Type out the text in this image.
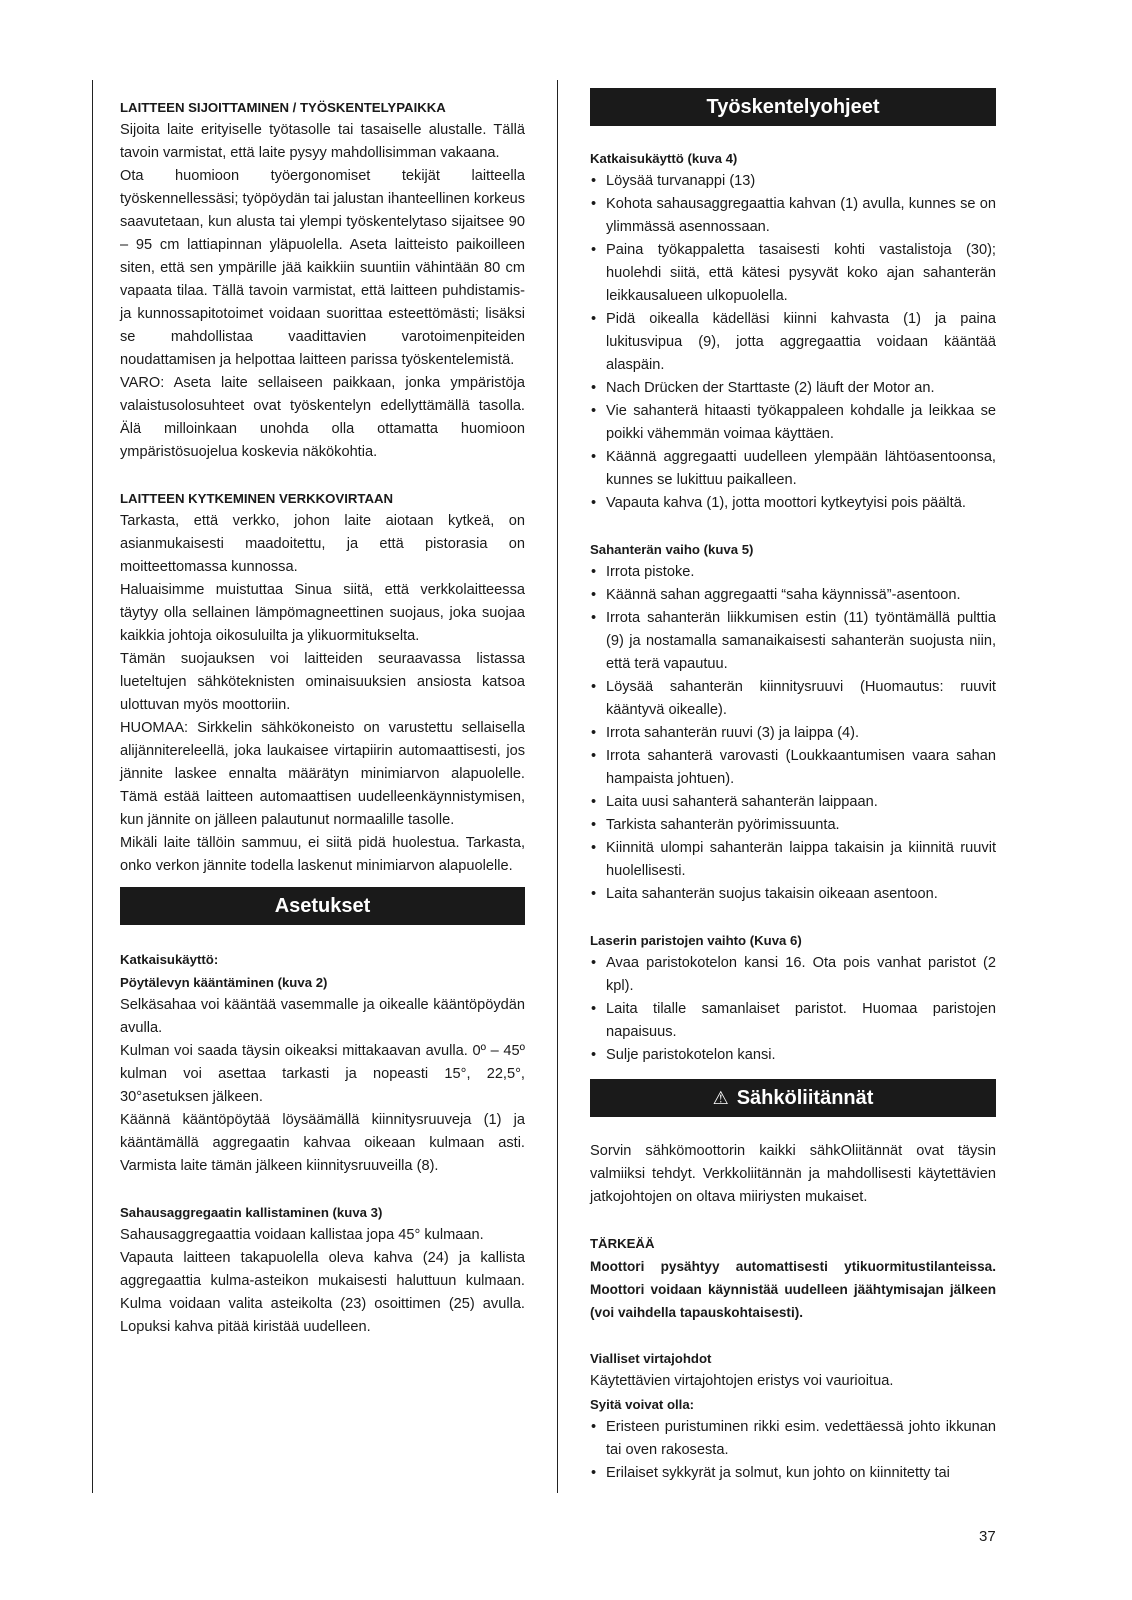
LAITTEEN SIJOITTAMINEN / TYÖSKENTELYPAIKKA

Sijoita laite erityiselle työtasolle tai tasaiselle alustalle. Tällä tavoin varmistat, että laite pysyy mahdollisimman vakaana.

Ota huomioon työergonomiset tekijät laitteella työskennellessäsi; työpöydän tai jalustan ihanteellinen korkeus saavutetaan, kun alusta tai ylempi työskentelytaso sijaitsee 90 – 95 cm lattiapinnan yläpuolella. Aseta laitteisto paikoilleen siten, että sen ympärille jää kaikkiin suuntiin vähintään 80 cm vapaata tilaa. Tällä tavoin varmistat, että laitteen puhdistamis- ja kunnossapitotoimet voidaan suorittaa esteettömästi; lisäksi se mahdollistaa vaadittavien varotoimenpiteiden noudattamisen ja helpottaa laitteen parissa työskentelemistä.

VARO: Aseta laite sellaiseen paikkaan, jonka ympäristöja valaistusolosuhteet ovat työskentelyn edellyttämällä tasolla. Älä milloinkaan unohda olla ottamatta huomioon ympäristösuojelua koskevia näkökohtia.

LAITTEEN KYTKEMINEN VERKKOVIRTAAN

Tarkasta, että verkko, johon laite aiotaan kytkeä, on asianmukaisesti maadoitettu, ja että pistorasia on moitteettomassa kunnossa.

Haluaisimme muistuttaa Sinua siitä, että verkkolaitteessa täytyy olla sellainen lämpömagneettinen suojaus, joka suojaa kaikkia johtoja oikosuluilta ja ylikuormitukselta.

Tämän suojauksen voi laitteiden seuraavassa listassa lueteltujen sähköteknisten ominaisuuksien ansiosta katsoa ulottuvan myös moottoriin.

HUOMAA: Sirkkelin sähkökoneisto on varustettu sellaisella alijännitereleellä, joka laukaisee virtapiirin automaattisesti, jos jännite laskee ennalta määrätyn minimiarvon alapuolelle. Tämä estää laitteen automaattisen uudelleenkäynnistymisen, kun jännite on jälleen palautunut normaalille tasolle.

Mikäli laite tällöin sammuu, ei siitä pidä huolestua. Tarkasta, onko verkon jännite todella laskenut minimiarvon alapuolelle.

Asetukset
Katkaisukäyttö:
Pöytälevyn kääntäminen (kuva 2)

Selkäsahaa voi kääntää vasemmalle ja oikealle kääntöpöydän avulla.

Kulman voi saada täysin oikeaksi mittakaavan avulla. 0º – 45º kulman voi asettaa tarkasti ja nopeasti 15°, 22,5°, 30°asetuksen jälkeen.

Käännä kääntöpöytää löysäämällä kiinnitysruuveja (1) ja kääntämällä aggregaatin kahvaa oikeaan kulmaan asti. Varmista laite tämän jälkeen kiinnitysruuveilla (8).

Sahausaggregaatin kallistaminen (kuva 3)

Sahausaggregaattia voidaan kallistaa jopa 45° kulmaan.

Vapauta laitteen takapuolella oleva kahva (24) ja kallista aggregaattia kulma-asteikon mukaisesti haluttuun kulmaan. Kulma voidaan valita asteikolta (23) osoittimen (25) avulla. Lopuksi kahva pitää kiristää uudelleen.

Työskentelyohjeet
Katkaisukäyttö (kuva 4)
• Löysää turvanappi (13)
• Kohota sahausaggregaattia kahvan (1) avulla, kunnes se on ylimmässä asennossaan.
• Paina työkappaletta tasaisesti kohti vastalistoja (30); huolehdi siitä, että kätesi pysyvät koko ajan sahanterän leikkausalueen ulkopuolella.
• Pidä oikealla kädelläsi kiinni kahvasta (1) ja paina lukitusvipua (9), jotta aggregaattia voidaan kääntää alaspäin.
• Nach Drücken der Starttaste (2) läuft der Motor an.
• Vie sahanterä hitaasti työkappaleen kohdalle ja leikkaa se poikki vähemmän voimaa käyttäen.
• Käännä aggregaatti uudelleen ylempään lähtöasentoonsa, kunnes se lukittuu paikalleen.
• Vapauta kahva (1), jotta moottori kytkeytyisi pois päältä.
Sahanterän vaiho (kuva 5)
• Irrota pistoke.
• Käännä sahan aggregaatti “saha käynnissä”-asentoon.
• Irrota sahanterän liikkumisen estin (11) työntämällä pulttia (9) ja nostamalla samanaikaisesti sahanterän suojusta niin, että terä vapautuu.
• Löysää sahanterän kiinnitysruuvi (Huomautus: ruuvit kääntyvä oikealle).
• Irrota sahanterän ruuvi (3) ja laippa (4).
• Irrota sahanterä varovasti (Loukkaantumisen vaara sahan hampaista johtuen).
• Laita uusi sahanterä sahanterän laippaan.
• Tarkista sahanterän pyörimissuunta.
• Kiinnitä ulompi sahanterän laippa takaisin ja kiinnitä ruuvit huolellisesti.
• Laita sahanterän suojus takaisin oikeaan asentoon.
Laserin paristojen vaihto (Kuva 6)
• Avaa paristokotelon kansi 16. Ota pois vanhat paristot (2 kpl).
• Laita tilalle samanlaiset paristot. Huomaa paristojen napaisuus.
• Sulje paristokotelon kansi.
⚠ Sähköliitännät

Sorvin sähkömoottorin kaikki sähkOliitännät ovat täysin valmiiksi tehdyt. Verkkoliitännän ja mahdollisesti käytettävien jatkojohtojen on oltava miiriysten mukaiset.

TÄRKEÄÄ

Moottori pysähtyy automattisesti ytikuormitustilanteissa. Moottori voidaan käynnistää uudelleen jäähtymisajan jälkeen (voi vaihdella tapauskohtaisesti).

Vialliset virtajohdot

Käytettävien virtajohtojen eristys voi vaurioitua.

Syitä voivat olla:
• Eristeen puristuminen rikki esim. vedettäessä johto ikkunan tai oven rakosesta.
• Erilaiset sykkyrät ja solmut, kun johto on kiinnitetty tai
37
